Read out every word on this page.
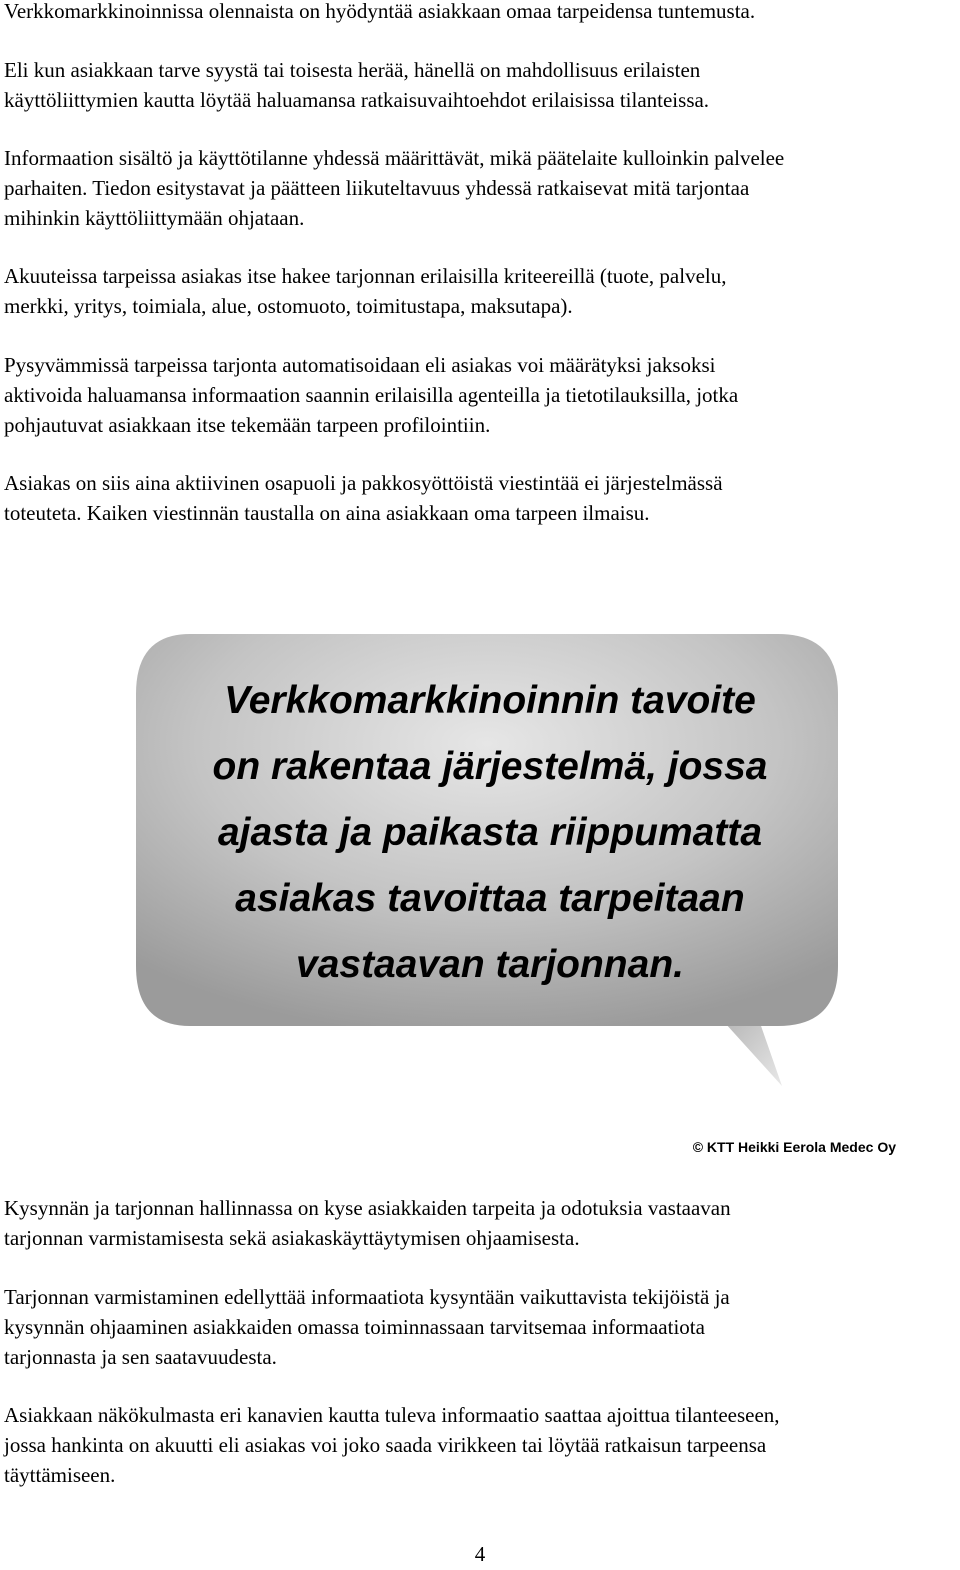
Verkkomarkkinoinnissa olennaista on hyödyntää asiakkaan omaa tarpeidensa tuntemusta.

Eli kun asiakkaan tarve syystä tai toisesta herää, hänellä on mahdollisuus erilaisten
käyttöliittymien kautta löytää haluamansa ratkaisuvaihtoehdot erilaisissa tilanteissa.

Informaation sisältö ja käyttötilanne yhdessä määrittävät, mikä päätelaite kulloinkin palvelee
parhaiten. Tiedon esitystavat ja päätteen liikuteltavuus yhdessä ratkaisevat mitä tarjontaa
mihinkin käyttöliittymään ohjataan.

Akuuteissa tarpeissa asiakas itse hakee tarjonnan erilaisilla kriteereillä (tuote, palvelu,
merkki, yritys, toimiala, alue, ostomuoto, toimitustapa, maksutapa).

Pysyvämmissä tarpeissa tarjonta automatisoidaan eli asiakas voi määrätyksi jaksoksi
aktivoida haluamansa informaation saannin erilaisilla agenteilla ja tietotilauksilla, jotka
pohjautuvat asiakkaan itse tekemään tarpeen profilointiin.

Asiakas on siis aina aktiivinen osapuoli ja pakkosyöttöistä viestintää ei järjestelmässä
toteuteta. Kaiken viestinnän taustalla on aina asiakkaan oma tarpeen ilmaisu.

Verkkomarkkinoinnin tavoite
on rakentaa järjestelmä, jossa
ajasta ja paikasta riippumatta
asiakas tavoittaa tarpeitaan
vastaavan tarjonnan.
© KTT Heikki Eerola Medec Oy

Kysynnän ja tarjonnan hallinnassa on kyse asiakkaiden tarpeita ja odotuksia vastaavan
tarjonnan varmistamisesta sekä asiakaskäyttäytymisen ohjaamisesta.

Tarjonnan varmistaminen edellyttää informaatiota kysyntään vaikuttavista tekijöistä ja
kysynnän ohjaaminen asiakkaiden omassa toiminnassaan tarvitsemaa informaatiota
tarjonnasta ja sen saatavuudesta.

Asiakkaan näkökulmasta eri kanavien kautta tuleva informaatio saattaa ajoittua tilanteeseen,
jossa hankinta on akuutti eli asiakas voi joko saada virikkeen tai löytää ratkaisun tarpeensa
täyttämiseen.

4
